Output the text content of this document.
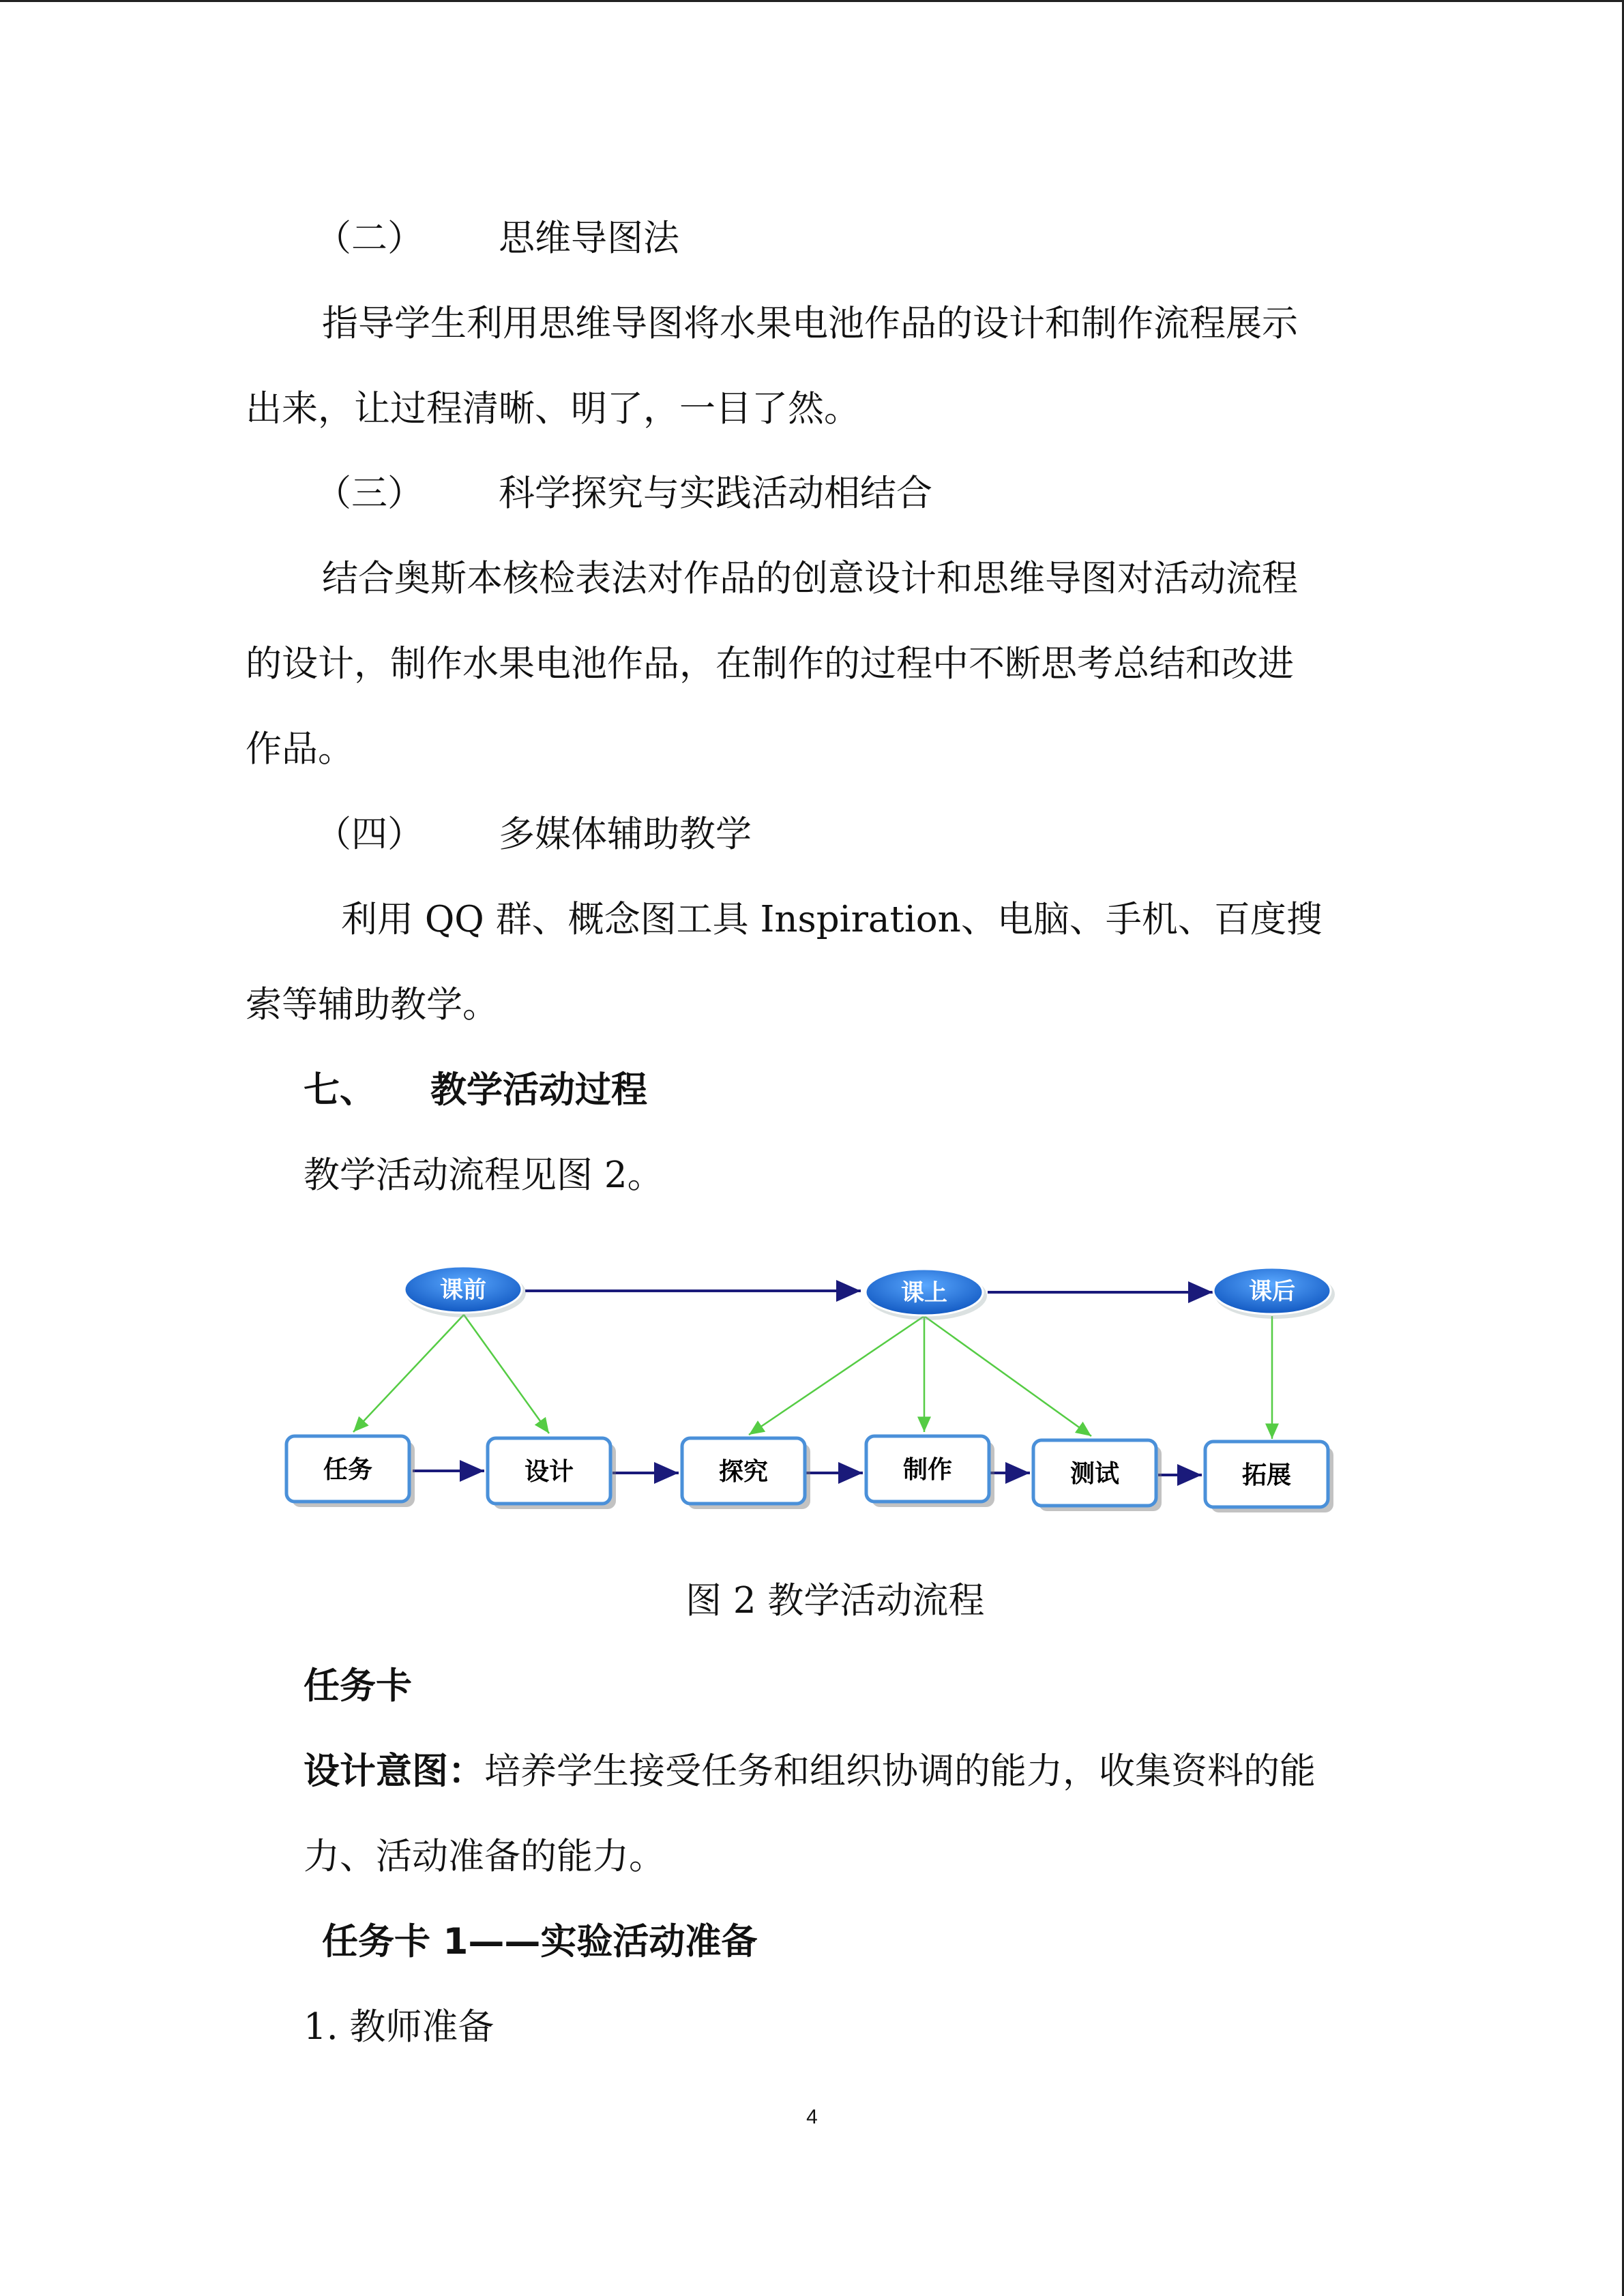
（二） 思维导图法
指导学生利用思维导图将水果电池作品的设计和制作流程展示
出来，让过程清晰、明了，一目了然。
（三） 科学探究与实践活动相结合
结合奥斯本核检表法对作品的创意设计和思维导图对活动流程
的设计，制作水果电池作品，在制作的过程中不断思考总结和改进
作品。
（四） 多媒体辅助教学
利用 QQ 群、概念图工具 Inspiration、电脑、手机、百度搜
索等辅助教学。
七、 教学活动过程
教学活动流程见图 2。
课前	课上	课后
任务	设计	探究	制作	测试	拓展
图 2 教学活动流程
任务卡
设计意图：培养学生接受任务和组织协调的能力，收集资料的能
力、活动准备的能力。
任务卡 1——实验活动准备
1. 教师准备
4
